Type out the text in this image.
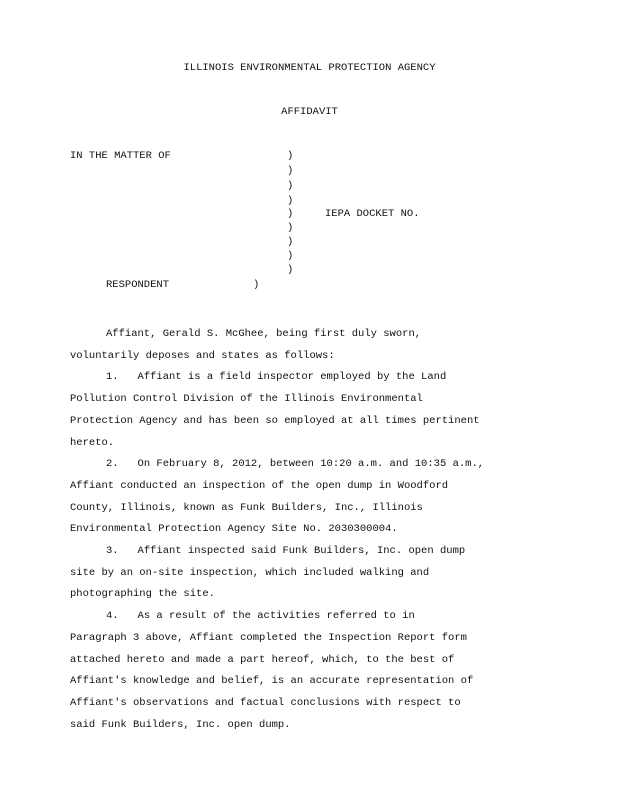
ILLINOIS ENVIRONMENTAL PROTECTION AGENCY
AFFIDAVIT
IN THE MATTER OF	)
)
)
)
)
)
)
)
)
IEPA DOCKET NO.
RESPONDENT	)
Affiant, Gerald S. McGhee, being first duly sworn,
voluntarily deposes and states as follows:
1. Affiant is a field inspector employed by the Land
Pollution Control Division of the Illinois Environmental
Protection Agency and has been so employed at all times pertinent
hereto.
2. On February 8, 2012, between 10:20 a.m. and 10:35 a.m.,
Affiant conducted an inspection of the open dump in Woodford
County, Illinois, known as Funk Builders, Inc., Illinois
Environmental Protection Agency Site No. 2030300004.
3. Affiant inspected said Funk Builders, Inc. open dump
site by an on-site inspection, which included walking and
photographing the site.
4. As a result of the activities referred to in
Paragraph 3 above, Affiant completed the Inspection Report form
attached hereto and made a part hereof, which, to the best of
Affiant's knowledge and belief, is an accurate representation of
Affiant's observations and factual conclusions with respect to
said Funk Builders, Inc. open dump.
